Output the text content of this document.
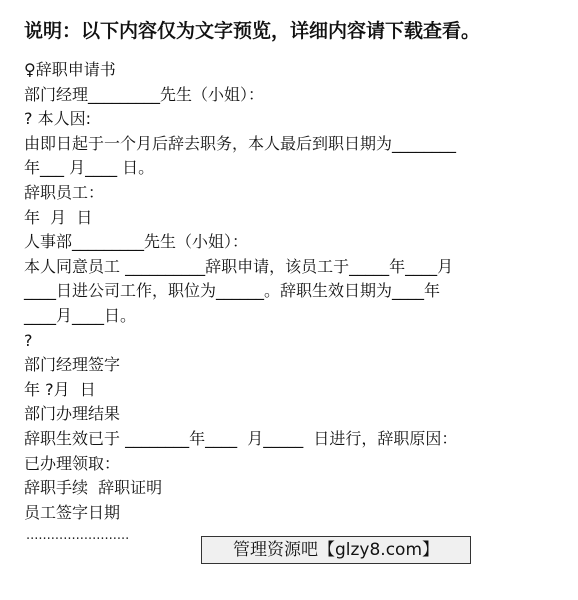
说明：以下内容仅为文字预览，详细内容请下载查看。
♀辞职申请书
部门经理_________先生（小姐）：
? 本人因:
由即日起于一个月后辞去职务，本人最后到职日期为________
年___ 月____ 日。
辞职员工：
年  月  日
人事部_________先生（小姐）：
本人同意员工 __________辞职申请，该员工于_____年____月
____日进公司工作，职位为______。辞职生效日期为____年
____月____日。
?
部门经理签字
年 ?月  日
部门办理结果
辞职生效已于 ________年____  月_____  日进行，辞职原因：
已办理领取：
辞职手续  辞职证明
员工签字日期
·························
管理资源吧【glzy8.com】
